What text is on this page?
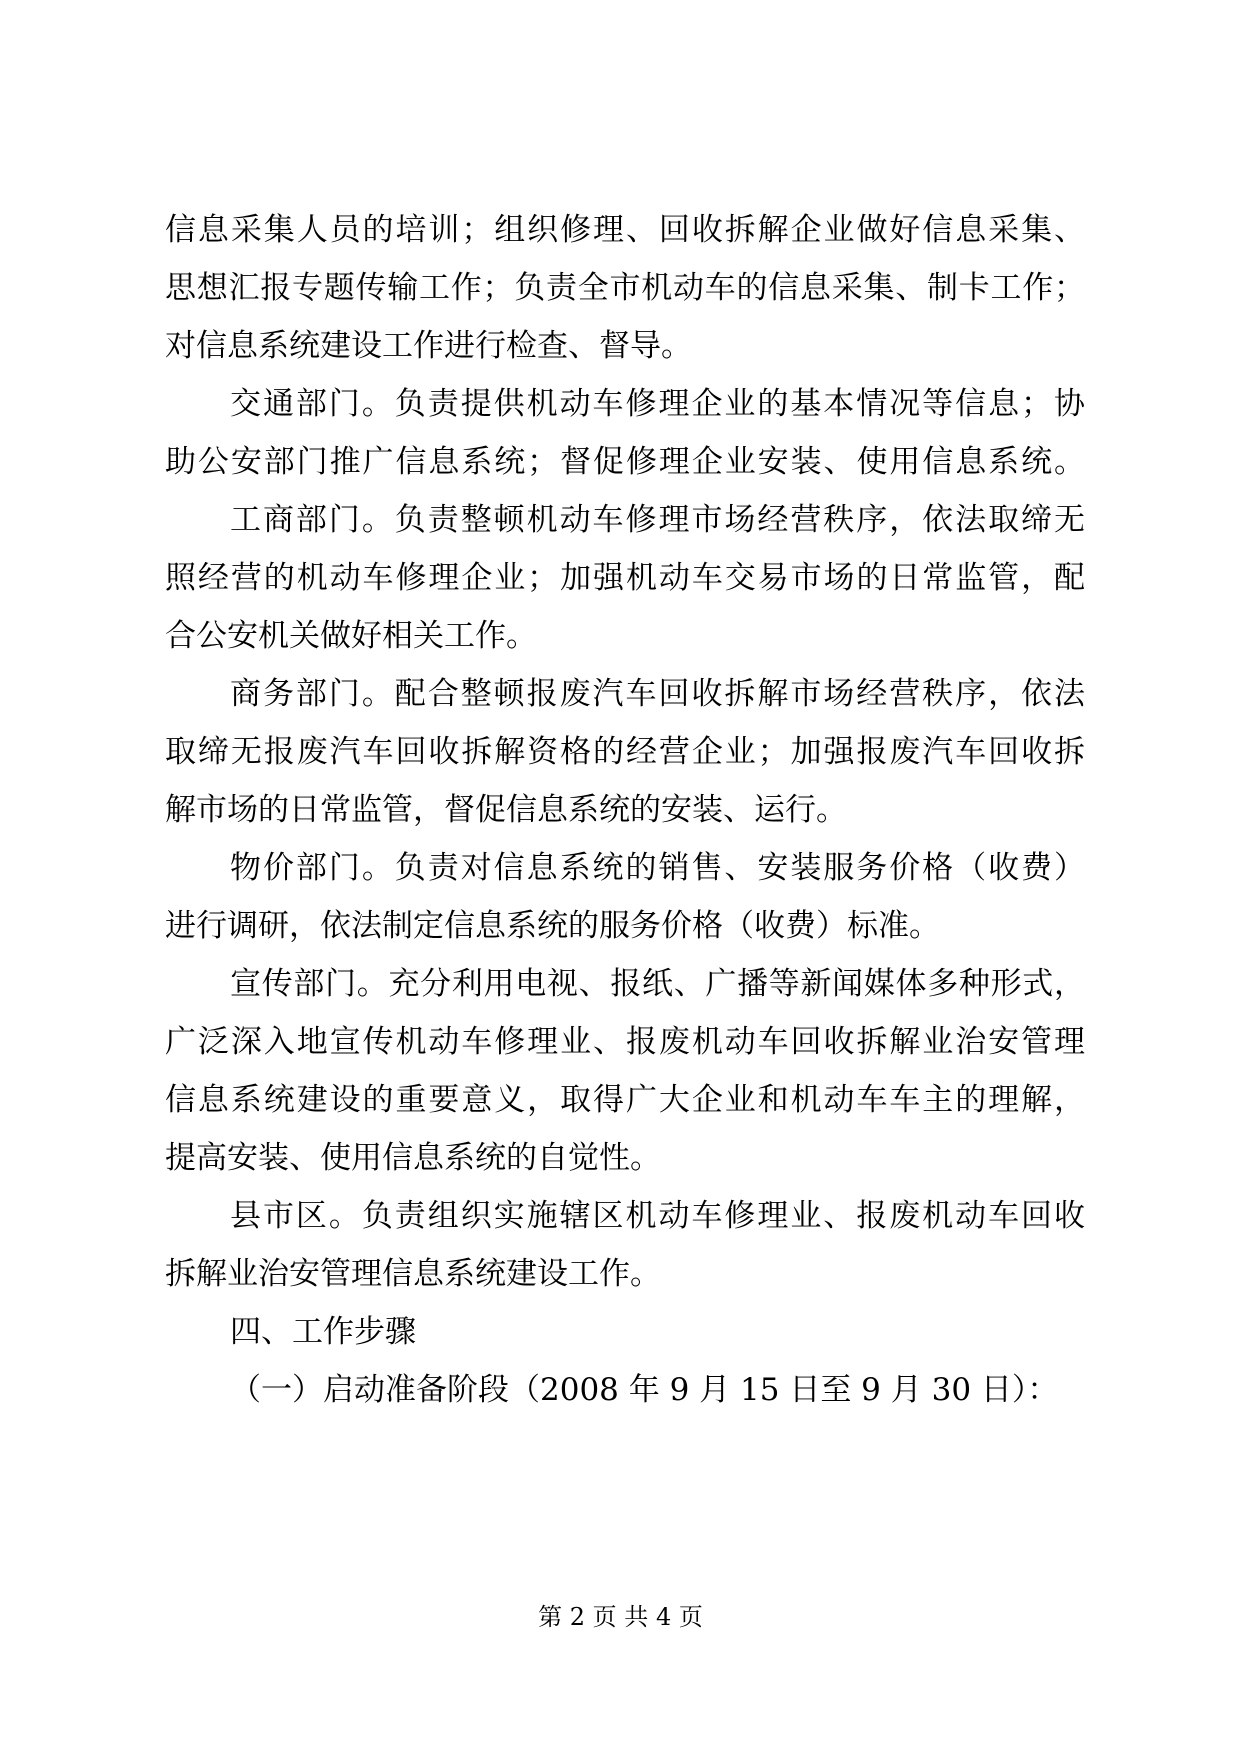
信息采集人员的培训；组织修理、回收拆解企业做好信息采集、
思想汇报专题传输工作；负责全市机动车的信息采集、制卡工作；
对信息系统建设工作进行检查、督导。
交通部门。负责提供机动车修理企业的基本情况等信息；协
助公安部门推广信息系统；督促修理企业安装、使用信息系统。
工商部门。负责整顿机动车修理市场经营秩序，依法取缔无
照经营的机动车修理企业；加强机动车交易市场的日常监管，配
合公安机关做好相关工作。
商务部门。配合整顿报废汽车回收拆解市场经营秩序，依法
取缔无报废汽车回收拆解资格的经营企业；加强报废汽车回收拆
解市场的日常监管，督促信息系统的安装、运行。
物价部门。负责对信息系统的销售、安装服务价格（收费）
进行调研，依法制定信息系统的服务价格（收费）标准。
宣传部门。充分利用电视、报纸、广播等新闻媒体多种形式，
广泛深入地宣传机动车修理业、报废机动车回收拆解业治安管理
信息系统建设的重要意义，取得广大企业和机动车车主的理解，
提高安装、使用信息系统的自觉性。
县市区。负责组织实施辖区机动车修理业、报废机动车回收
拆解业治安管理信息系统建设工作。
四、工作步骤
（一）启动准备阶段（2008 年 9 月 15 日至 9 月 30 日）：
第 2 页 共 4 页
